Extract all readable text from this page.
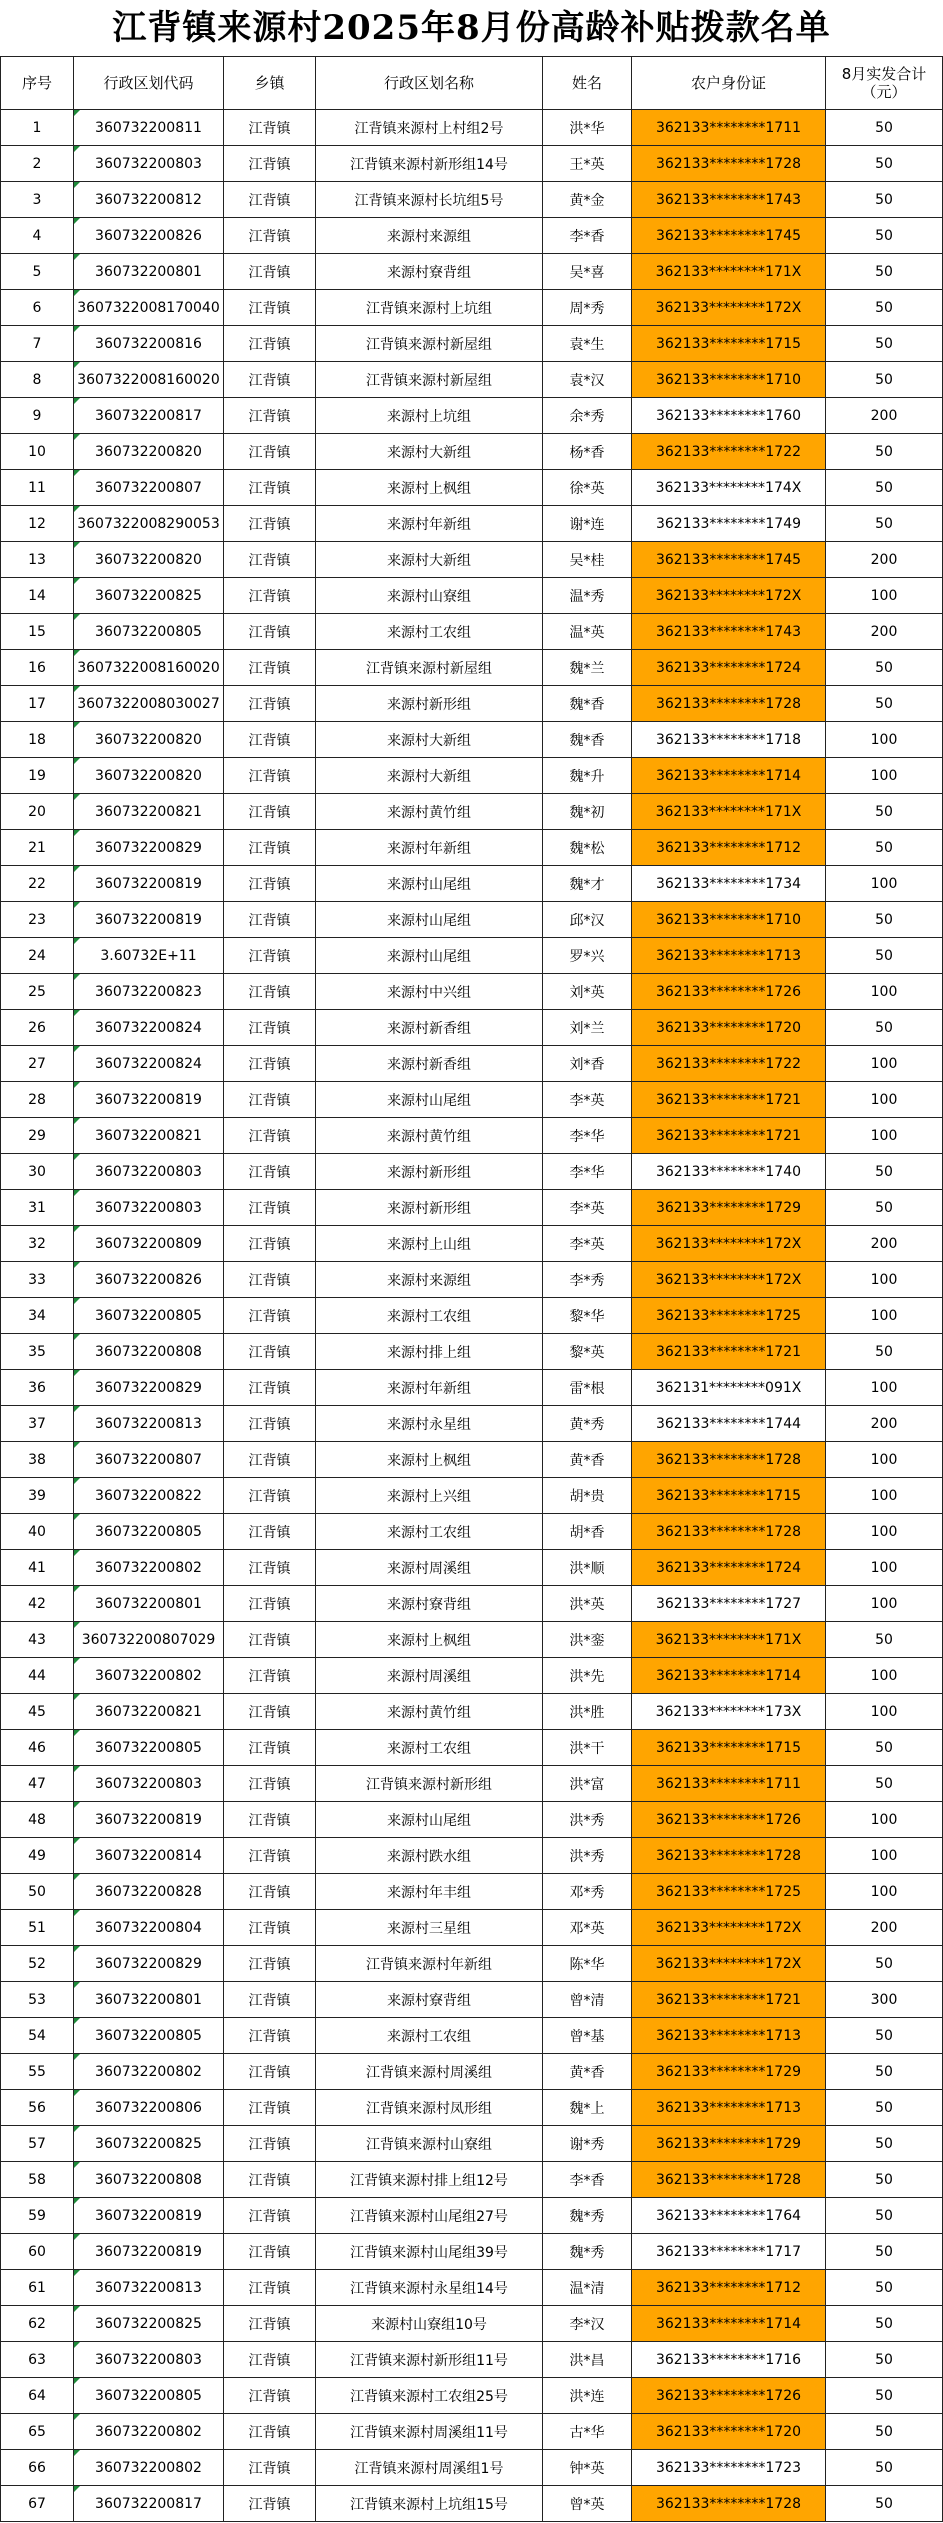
江背镇来源村2025年8月份高龄补贴拨款名单
序号	行政区划代码	乡镇	行政区划名称	姓名	农户身份证	8月实发合计（元）
1	360732200811	江背镇	江背镇来源村上村组2号	洪*华	362133********1711	50
2	360732200803	江背镇	江背镇来源村新形组14号	王*英	362133********1728	50
3	360732200812	江背镇	江背镇来源村长坑组5号	黄*金	362133********1743	50
4	360732200826	江背镇	来源村来源组	李*香	362133********1745	50
5	360732200801	江背镇	来源村寮背组	吴*喜	362133********171X	50
6	3607322008170040	江背镇	江背镇来源村上坑组	周*秀	362133********172X	50
7	360732200816	江背镇	江背镇来源村新屋组	袁*生	362133********1715	50
8	3607322008160020	江背镇	江背镇来源村新屋组	袁*汉	362133********1710	50
9	360732200817	江背镇	来源村上坑组	余*秀	362133********1760	200
10	360732200820	江背镇	来源村大新组	杨*香	362133********1722	50
11	360732200807	江背镇	来源村上枫组	徐*英	362133********174X	50
12	3607322008290053	江背镇	来源村年新组	谢*连	362133********1749	50
13	360732200820	江背镇	来源村大新组	吴*桂	362133********1745	200
14	360732200825	江背镇	来源村山寮组	温*秀	362133********172X	100
15	360732200805	江背镇	来源村工农组	温*英	362133********1743	200
16	3607322008160020	江背镇	江背镇来源村新屋组	魏*兰	362133********1724	50
17	3607322008030027	江背镇	来源村新形组	魏*香	362133********1728	50
18	360732200820	江背镇	来源村大新组	魏*香	362133********1718	100
19	360732200820	江背镇	来源村大新组	魏*升	362133********1714	100
20	360732200821	江背镇	来源村黄竹组	魏*初	362133********171X	50
21	360732200829	江背镇	来源村年新组	魏*松	362133********1712	50
22	360732200819	江背镇	来源村山尾组	魏*才	362133********1734	100
23	360732200819	江背镇	来源村山尾组	邱*汉	362133********1710	50
24	3.60732E+11	江背镇	来源村山尾组	罗*兴	362133********1713	50
25	360732200823	江背镇	来源村中兴组	刘*英	362133********1726	100
26	360732200824	江背镇	来源村新香组	刘*兰	362133********1720	50
27	360732200824	江背镇	来源村新香组	刘*香	362133********1722	100
28	360732200819	江背镇	来源村山尾组	李*英	362133********1721	100
29	360732200821	江背镇	来源村黄竹组	李*华	362133********1721	100
30	360732200803	江背镇	来源村新形组	李*华	362133********1740	50
31	360732200803	江背镇	来源村新形组	李*英	362133********1729	50
32	360732200809	江背镇	来源村上山组	李*英	362133********172X	200
33	360732200826	江背镇	来源村来源组	李*秀	362133********172X	100
34	360732200805	江背镇	来源村工农组	黎*华	362133********1725	100
35	360732200808	江背镇	来源村排上组	黎*英	362133********1721	50
36	360732200829	江背镇	来源村年新组	雷*根	362131********091X	100
37	360732200813	江背镇	来源村永星组	黄*秀	362133********1744	200
38	360732200807	江背镇	来源村上枫组	黄*香	362133********1728	100
39	360732200822	江背镇	来源村上兴组	胡*贵	362133********1715	100
40	360732200805	江背镇	来源村工农组	胡*香	362133********1728	100
41	360732200802	江背镇	来源村周溪组	洪*顺	362133********1724	100
42	360732200801	江背镇	来源村寮背组	洪*英	362133********1727	100
43	360732200807029	江背镇	来源村上枫组	洪*銮	362133********171X	50
44	360732200802	江背镇	来源村周溪组	洪*先	362133********1714	100
45	360732200821	江背镇	来源村黄竹组	洪*胜	362133********173X	100
46	360732200805	江背镇	来源村工农组	洪*干	362133********1715	50
47	360732200803	江背镇	江背镇来源村新形组	洪*富	362133********1711	50
48	360732200819	江背镇	来源村山尾组	洪*秀	362133********1726	100
49	360732200814	江背镇	来源村跌水组	洪*秀	362133********1728	100
50	360732200828	江背镇	来源村年丰组	邓*秀	362133********1725	100
51	360732200804	江背镇	来源村三星组	邓*英	362133********172X	200
52	360732200829	江背镇	江背镇来源村年新组	陈*华	362133********172X	50
53	360732200801	江背镇	来源村寮背组	曾*清	362133********1721	300
54	360732200805	江背镇	来源村工农组	曾*基	362133********1713	50
55	360732200802	江背镇	江背镇来源村周溪组	黄*香	362133********1729	50
56	360732200806	江背镇	江背镇来源村凤形组	魏*上	362133********1713	50
57	360732200825	江背镇	江背镇来源村山寮组	谢*秀	362133********1729	50
58	360732200808	江背镇	江背镇来源村排上组12号	李*香	362133********1728	50
59	360732200819	江背镇	江背镇来源村山尾组27号	魏*秀	362133********1764	50
60	360732200819	江背镇	江背镇来源村山尾组39号	魏*秀	362133********1717	50
61	360732200813	江背镇	江背镇来源村永星组14号	温*清	362133********1712	50
62	360732200825	江背镇	来源村山寮组10号	李*汉	362133********1714	50
63	360732200803	江背镇	江背镇来源村新形组11号	洪*昌	362133********1716	50
64	360732200805	江背镇	江背镇来源村工农组25号	洪*连	362133********1726	50
65	360732200802	江背镇	江背镇来源村周溪组11号	古*华	362133********1720	50
66	360732200802	江背镇	江背镇来源村周溪组1号	钟*英	362133********1723	50
67	360732200817	江背镇	江背镇来源村上坑组15号	曾*英	362133********1728	50
